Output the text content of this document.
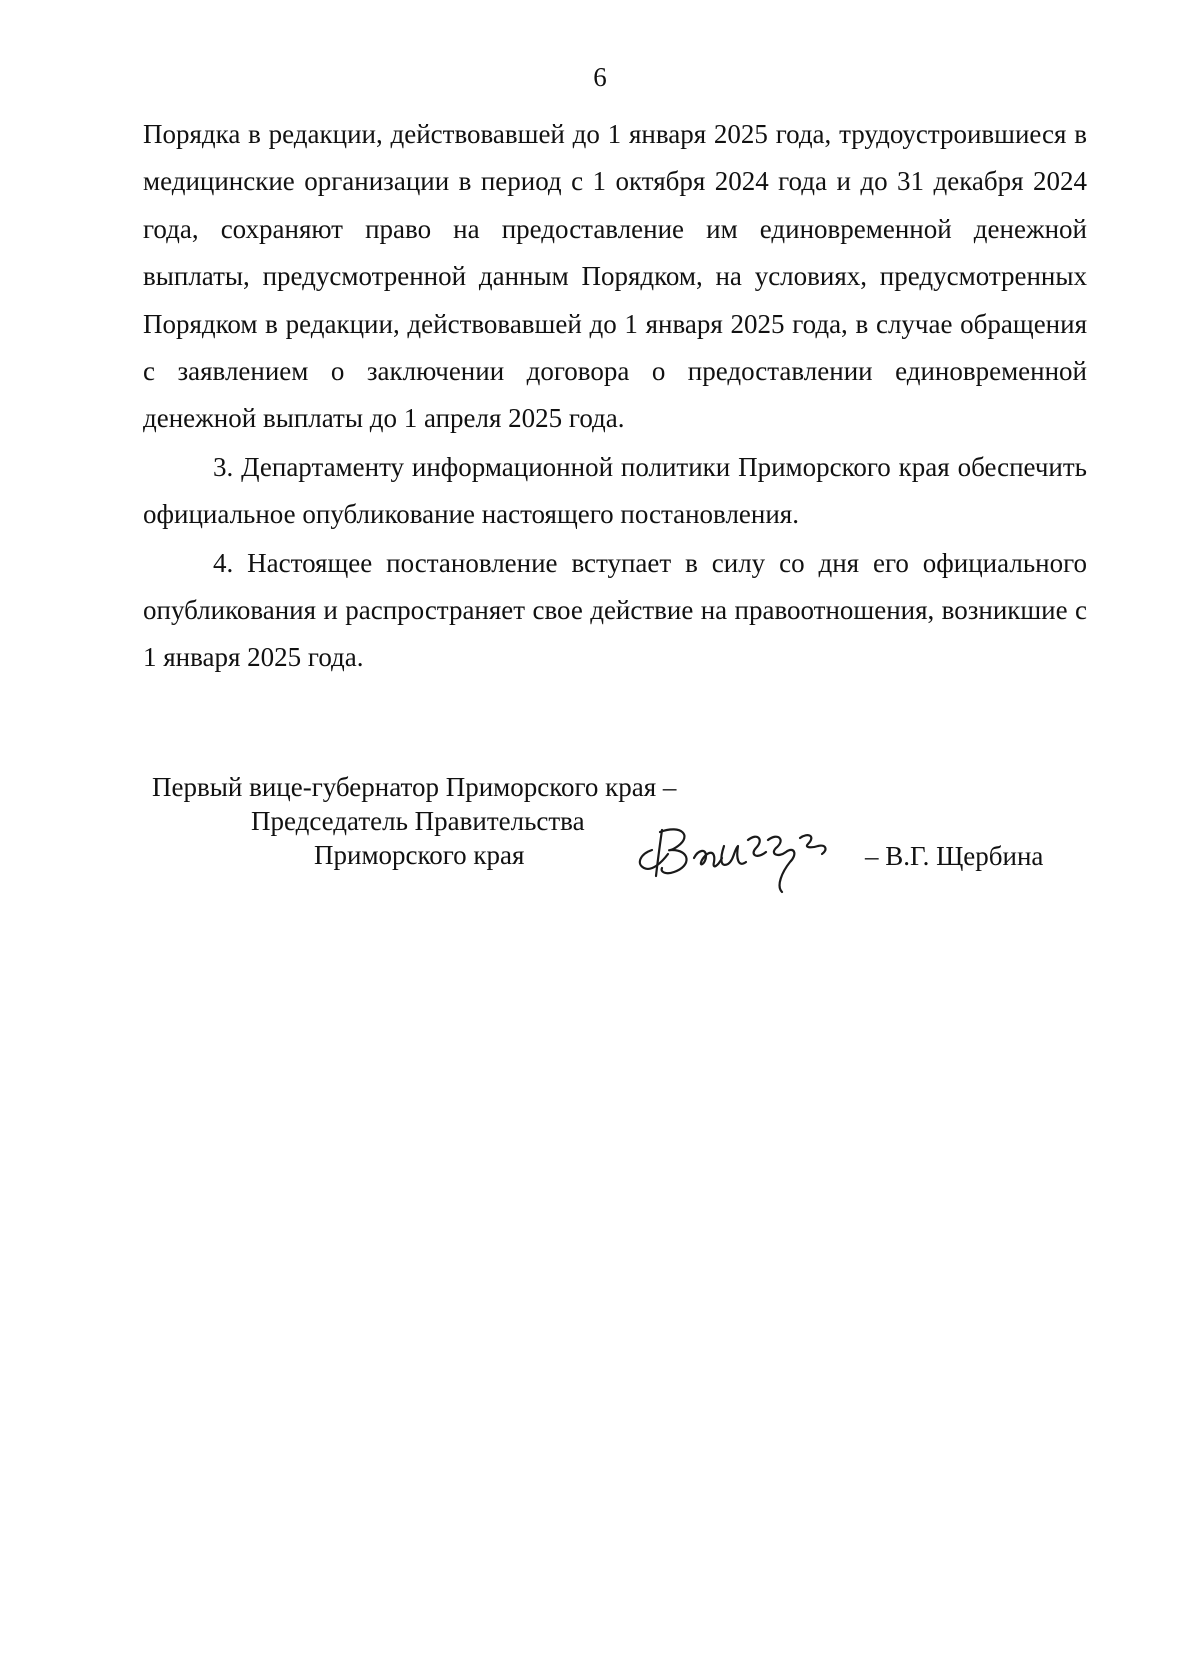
6

Порядка в редакции, действовавшей до 1 января 2025 года, трудоустроившиеся в медицинские организации в период с 1 октября 2024 года и до 31 декабря 2024 года, сохраняют право на предоставление им единовременной денежной выплаты, предусмотренной данным Порядком, на условиях, предусмотренных Порядком в редакции, действовавшей до 1 января 2025 года, в случае обращения с заявлением о заключении договора о предоставлении единовременной денежной выплаты до 1 апреля 2025 года.

3. Департаменту информационной политики Приморского края обеспечить официальное опубликование настоящего постановления.

4. Настоящее постановление вступает в силу со дня его официального опубликования и распространяет свое действие на правоотношения, возникшие с 1 января 2025 года.

Первый вице-губернатор Приморского края –
Председатель Правительства
Приморского края	– В.Г. Щербина
